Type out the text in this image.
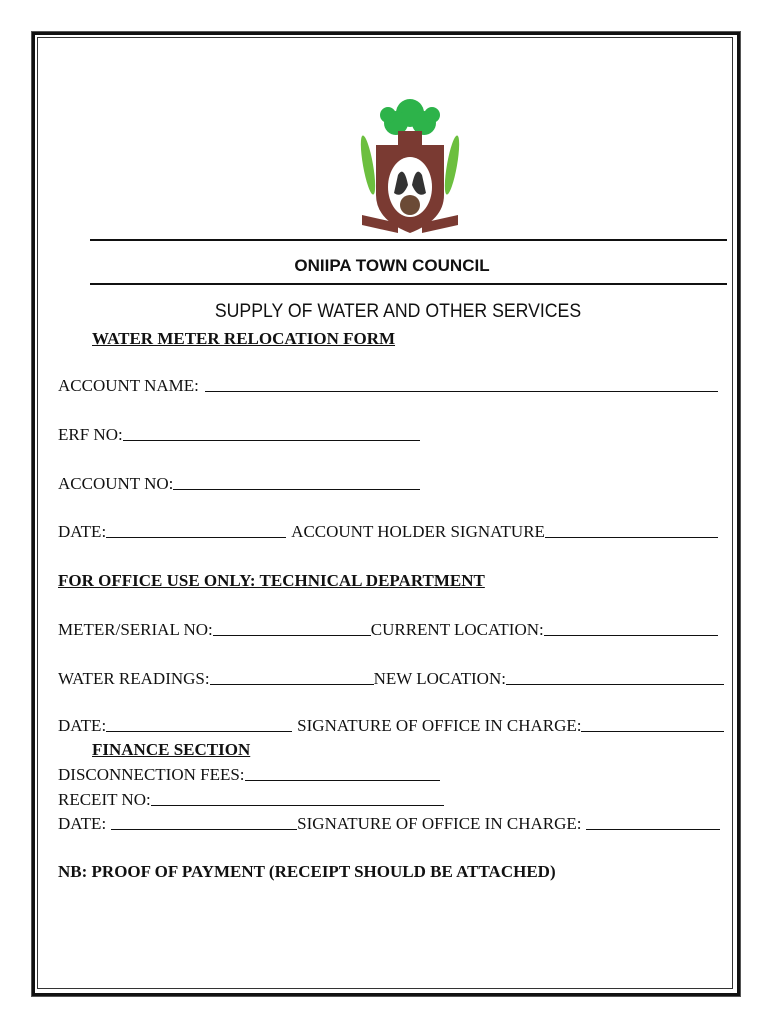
ONIIPA TOWN COUNCIL
SUPPLY OF WATER AND OTHER SERVICES
WATER METER RELOCATION FORM
ACCOUNT NAME:
ERF NO:
ACCOUNT NO:
DATE:	ACCOUNT HOLDER SIGNATURE
FOR OFFICE USE ONLY: TECHNICAL DEPARTMENT
METER/SERIAL NO:	CURRENT LOCATION:
WATER READINGS:	NEW LOCATION:
DATE:	SIGNATURE OF OFFICE IN CHARGE:
FINANCE SECTION
DISCONNECTION FEES:
RECEIT NO:
DATE:	SIGNATURE OF OFFICE IN CHARGE:
NB: PROOF OF PAYMENT (RECEIPT SHOULD BE ATTACHED)
